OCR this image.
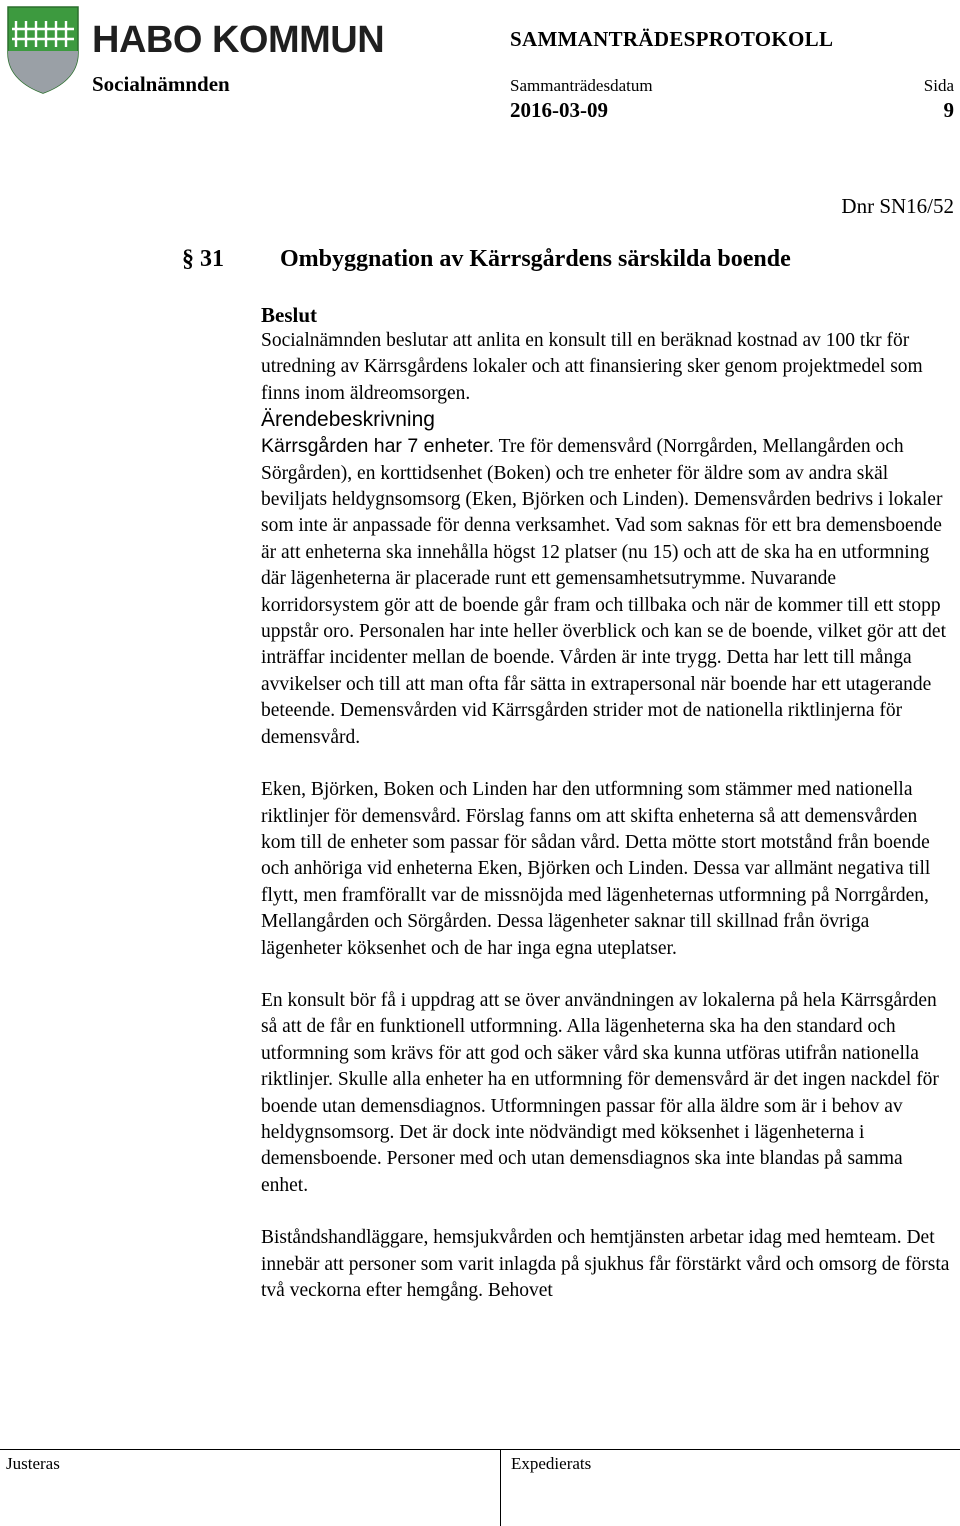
HABO KOMMUN
Socialnämnden
SAMMANTRÄDESPROTOKOLL
Sammanträdesdatum
2016-03-09
Sida
9
Dnr SN16/52
§ 31 Ombyggnation av Kärrsgårdens särskilda boende

Beslut

Socialnämnden beslutar att anlita en konsult till en beräknad kostnad av 100 tkr för utredning av Kärrsgårdens lokaler och att finansiering sker genom projektmedel som finns inom äldreomsorgen.

Ärendebeskrivning

Kärrsgården har 7 enheter. Tre för demensvård (Norrgården, Mellangården och Sörgården), en korttidsenhet (Boken) och tre enheter för äldre som av andra skäl beviljats heldygnsomsorg (Eken, Björken och Linden). Demensvården bedrivs i lokaler som inte är anpassade för denna verksamhet. Vad som saknas för ett bra demensboende är att enheterna ska innehålla högst 12 platser (nu 15) och att de ska ha en utformning där lägenheterna är placerade runt ett gemensamhetsutrymme. Nuvarande korridorsystem gör att de boende går fram och tillbaka och när de kommer till ett stopp uppstår oro. Personalen har inte heller överblick och kan se de boende, vilket gör att det inträffar incidenter mellan de boende. Vården är inte trygg. Detta har lett till många avvikelser och till att man ofta får sätta in extrapersonal när boende har ett utagerande beteende. Demensvården vid Kärrsgården strider mot de nationella riktlinjerna för demensvård.

Eken, Björken, Boken och Linden har den utformning som stämmer med nationella riktlinjer för demensvård. Förslag fanns om att skifta enheterna så att demensvården kom till de enheter som passar för sådan vård. Detta mötte stort motstånd från boende och anhöriga vid enheterna Eken, Björken och Linden. Dessa var allmänt negativa till flytt, men framförallt var de missnöjda med lägenheternas utformning på Norrgården, Mellangården och Sörgården. Dessa lägenheter saknar till skillnad från övriga lägenheter köksenhet och de har inga egna uteplatser.

En konsult bör få i uppdrag att se över användningen av lokalerna på hela Kärrsgården så att de får en funktionell utformning. Alla lägenheterna ska ha den standard och utformning som krävs för att god och säker vård ska kunna utföras utifrån nationella riktlinjer. Skulle alla enheter ha en utformning för demensvård är det ingen nackdel för boende utan demensdiagnos. Utformningen passar för alla äldre som är i behov av heldygnsomsorg. Det är dock inte nödvändigt med köksenhet i lägenheterna i demensboende. Personer med och utan demensdiagnos ska inte blandas på samma enhet.

Biståndshandläggare, hemsjukvården och hemtjänsten arbetar idag med hemteam. Det innebär att personer som varit inlagda på sjukhus får förstärkt vård och omsorg de första två veckorna efter hemgång. Behovet

Justeras	Expedierats
